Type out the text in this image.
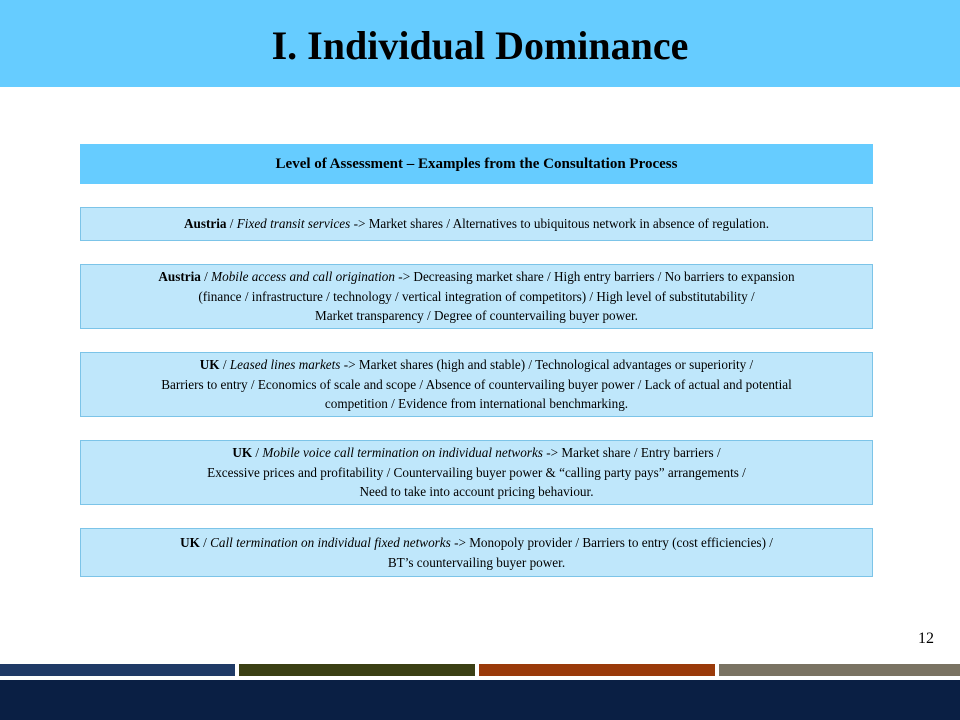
I. Individual Dominance
Level of Assessment – Examples from the Consultation Process
Austria / Fixed transit services -> Market shares / Alternatives to ubiquitous network in absence of regulation.
Austria / Mobile access and call origination -> Decreasing market share / High entry barriers / No barriers to expansion
(finance / infrastructure / technology / vertical integration of competitors) / High level of substitutability /
Market transparency / Degree of countervailing buyer power.
UK / Leased lines markets -> Market shares (high and stable) / Technological advantages or superiority /
Barriers to entry / Economics of scale and scope / Absence of countervailing buyer power / Lack of actual and potential
competition / Evidence from international benchmarking.
UK / Mobile voice call termination on individual networks -> Market share / Entry barriers /
Excessive prices and profitability / Countervailing buyer power & “calling party pays” arrangements /
Need to take into account pricing behaviour.
UK / Call termination on individual fixed networks -> Monopoly provider / Barriers to entry (cost efficiencies) /
BT’s countervailing buyer power.
12
